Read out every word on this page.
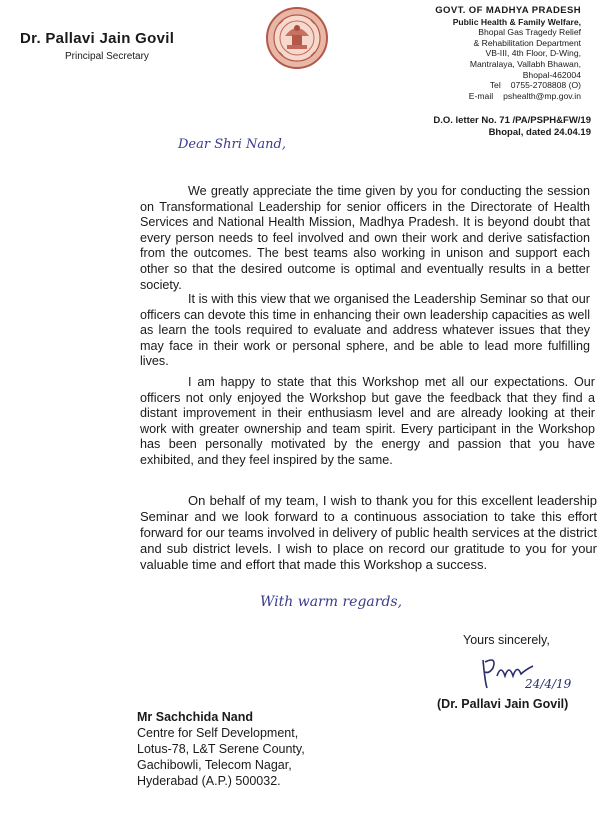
Dr. Pallavi Jain Govil
Principal Secretary
GOVT. OF MADHYA PRADESH
Public Health & Family Welfare,
Bhopal Gas Tragedy Relief
& Rehabilitation Department
VB-III, 4th Floor, D-Wing,
Mantralaya, Vallabh Bhawan,
Bhopal-462004
Tel 0755-2708808 (O)
E-mail pshealth@mp.gov.in
D.O. letter No. 71 /PA/PSPH&FW/19
Bhopal, dated 24.04.19
Dear Shri Nand,

We greatly appreciate the time given by you for conducting the session on Transformational Leadership for senior officers in the Directorate of Health Services and National Health Mission, Madhya Pradesh. It is beyond doubt that every person needs to feel involved and own their work and derive satisfaction from the outcomes. The best teams also working in unison and support each other so that the desired outcome is optimal and eventually results in a better society.

It is with this view that we organised the Leadership Seminar so that our officers can devote this time in enhancing their own leadership capacities as well as learn the tools required to evaluate and address whatever issues that they may face in their work or personal sphere, and be able to lead more fulfilling lives.

I am happy to state that this Workshop met all our expectations. Our officers not only enjoyed the Workshop but gave the feedback that they find a distant improvement in their enthusiasm level and are already looking at their work with greater ownership and team spirit. Every participant in the Workshop has been personally motivated by the energy and passion that you have exhibited, and they feel inspired by the same.

On behalf of my team, I wish to thank you for this excellent leadership Seminar and we look forward to a continuous association to take this effort forward for our teams involved in delivery of public health services at the district and sub district levels. I wish to place on record our gratitude to you for your valuable time and effort that made this Workshop a success.

With warm regards,
Yours sincerely,
24/4/19
(Dr. Pallavi Jain Govil)
Mr Sachchida Nand
Centre for Self Development,
Lotus-78, L&T Serene County,
Gachibowli, Telecom Nagar,
Hyderabad (A.P.) 500032.
